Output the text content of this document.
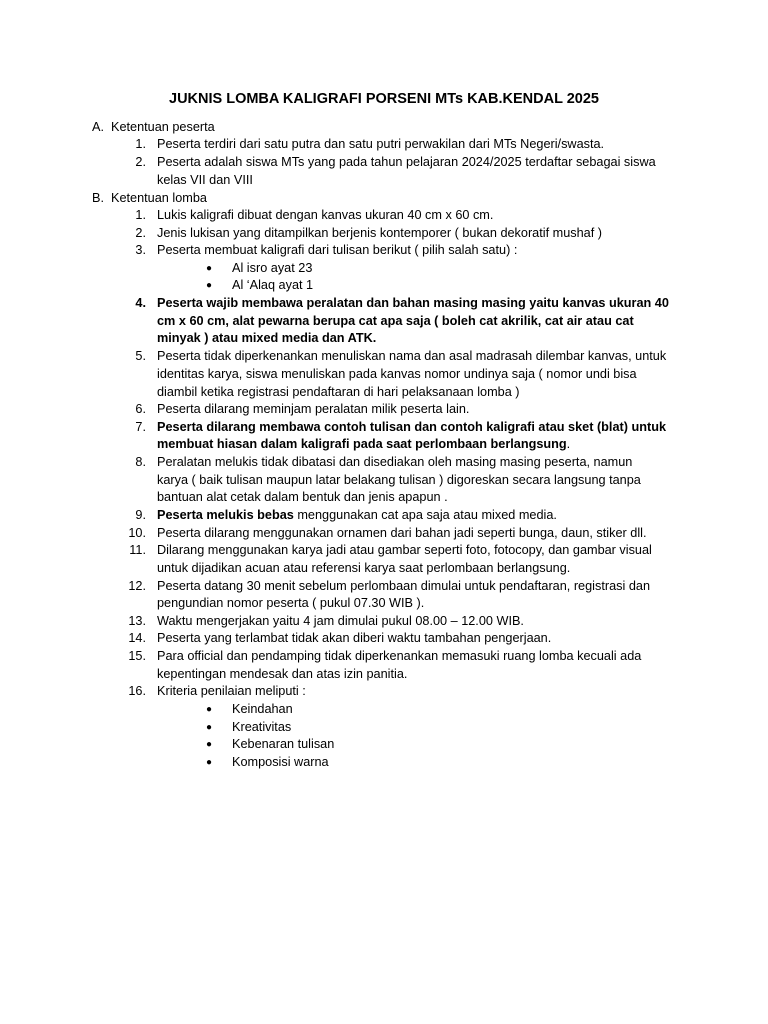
JUKNIS LOMBA KALIGRAFI PORSENI MTs KAB.KENDAL 2025
A. Ketentuan peserta
1. Peserta terdiri dari satu putra dan satu putri perwakilan dari MTs Negeri/swasta.
2. Peserta adalah siswa MTs yang pada tahun pelajaran 2024/2025 terdaftar sebagai siswa
kelas VII dan VIII
B. Ketentuan lomba
1. Lukis kaligrafi dibuat dengan kanvas ukuran 40 cm x 60 cm.
2. Jenis lukisan yang ditampilkan berjenis kontemporer ( bukan dekoratif mushaf )
3. Peserta membuat kaligrafi dari tulisan berikut ( pilih salah satu) :
● Al isro ayat 23
● Al ‘Alaq ayat 1
4. Peserta wajib membawa peralatan dan bahan masing masing yaitu kanvas ukuran 40
cm x 60 cm, alat pewarna berupa cat apa saja ( boleh cat akrilik, cat air atau cat
minyak ) atau mixed media dan ATK.
5. Peserta tidak diperkenankan menuliskan nama dan asal madrasah dilembar kanvas, untuk
identitas karya, siswa menuliskan pada kanvas nomor undinya saja ( nomor undi bisa
diambil ketika registrasi pendaftaran di hari pelaksanaan lomba )
6. Peserta dilarang meminjam peralatan milik peserta lain.
7. Peserta dilarang membawa contoh tulisan dan contoh kaligrafi atau sket (blat) untuk
membuat hiasan dalam kaligrafi pada saat perlombaan berlangsung.
8. Peralatan melukis tidak dibatasi dan disediakan oleh masing masing peserta, namun
karya ( baik tulisan maupun latar belakang tulisan ) digoreskan secara langsung tanpa
bantuan alat cetak dalam bentuk dan jenis apapun .
9. Peserta melukis bebas menggunakan cat apa saja atau mixed media.
10. Peserta dilarang menggunakan ornamen dari bahan jadi seperti bunga, daun, stiker dll.
11. Dilarang menggunakan karya jadi atau gambar seperti foto, fotocopy, dan gambar visual
untuk dijadikan acuan atau referensi karya saat perlombaan berlangsung.
12. Peserta datang 30 menit sebelum perlombaan dimulai untuk pendaftaran, registrasi dan
pengundian nomor peserta ( pukul 07.30 WIB ).
13. Waktu mengerjakan yaitu 4 jam dimulai pukul 08.00 – 12.00 WIB.
14. Peserta yang terlambat tidak akan diberi waktu tambahan pengerjaan.
15. Para official dan pendamping tidak diperkenankan memasuki ruang lomba kecuali ada
kepentingan mendesak dan atas izin panitia.
16. Kriteria penilaian meliputi :
● Keindahan
● Kreativitas
● Kebenaran tulisan
● Komposisi warna
